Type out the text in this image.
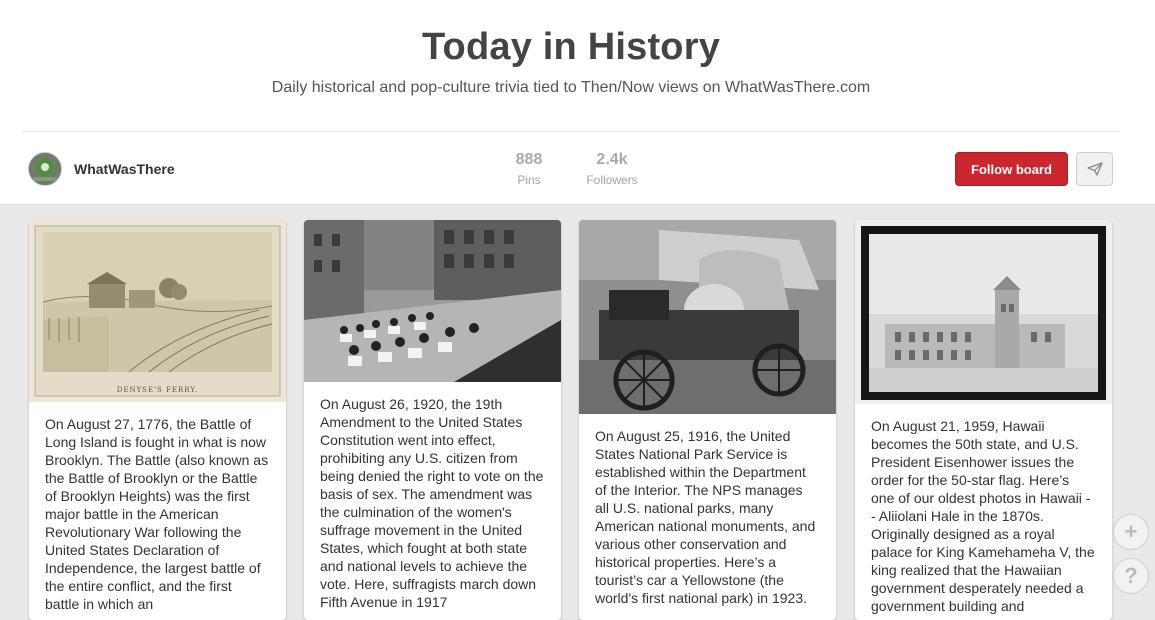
Today in History
Daily historical and pop-culture trivia tied to Then/Now views on WhatWasThere.com
WhatWasThere
888
Pins
2.4k
Followers
Follow board
DENYSE'S FERRY.
On August 27, 1776, the Battle of Long Island is fought in what is now Brooklyn. The Battle (also known as the Battle of Brooklyn or the Battle of Brooklyn Heights) was the first major battle in the American Revolutionary War following the United States Declaration of Independence, the largest battle of the entire conflict, and the first battle in which an
On August 26, 1920, the 19th Amendment to the United States Constitution went into effect, prohibiting any U.S. citizen from being denied the right to vote on the basis of sex. The amendment was the culmination of the women's suffrage movement in the United States, which fought at both state and national levels to achieve the vote. Here, suffragists march down Fifth Avenue in 1917
On August 25, 1916, the United States National Park Service is established within the Department of the Interior. The NPS manages all U.S. national parks, many American national monuments, and various other conservation and historical properties. Here’s a tourist’s car a Yellowstone (the world's first national park) in 1923.
On August 21, 1959, Hawaii becomes the 50th state, and U.S. President Eisenhower issues the order for the 50-star flag. Here’s one of our oldest photos in Hawaii -- Aliiolani Hale in the 1870s. Originally designed as a royal palace for King Kamehameha V, the king realized that the Hawaiian government desperately needed a government building and
+
?
